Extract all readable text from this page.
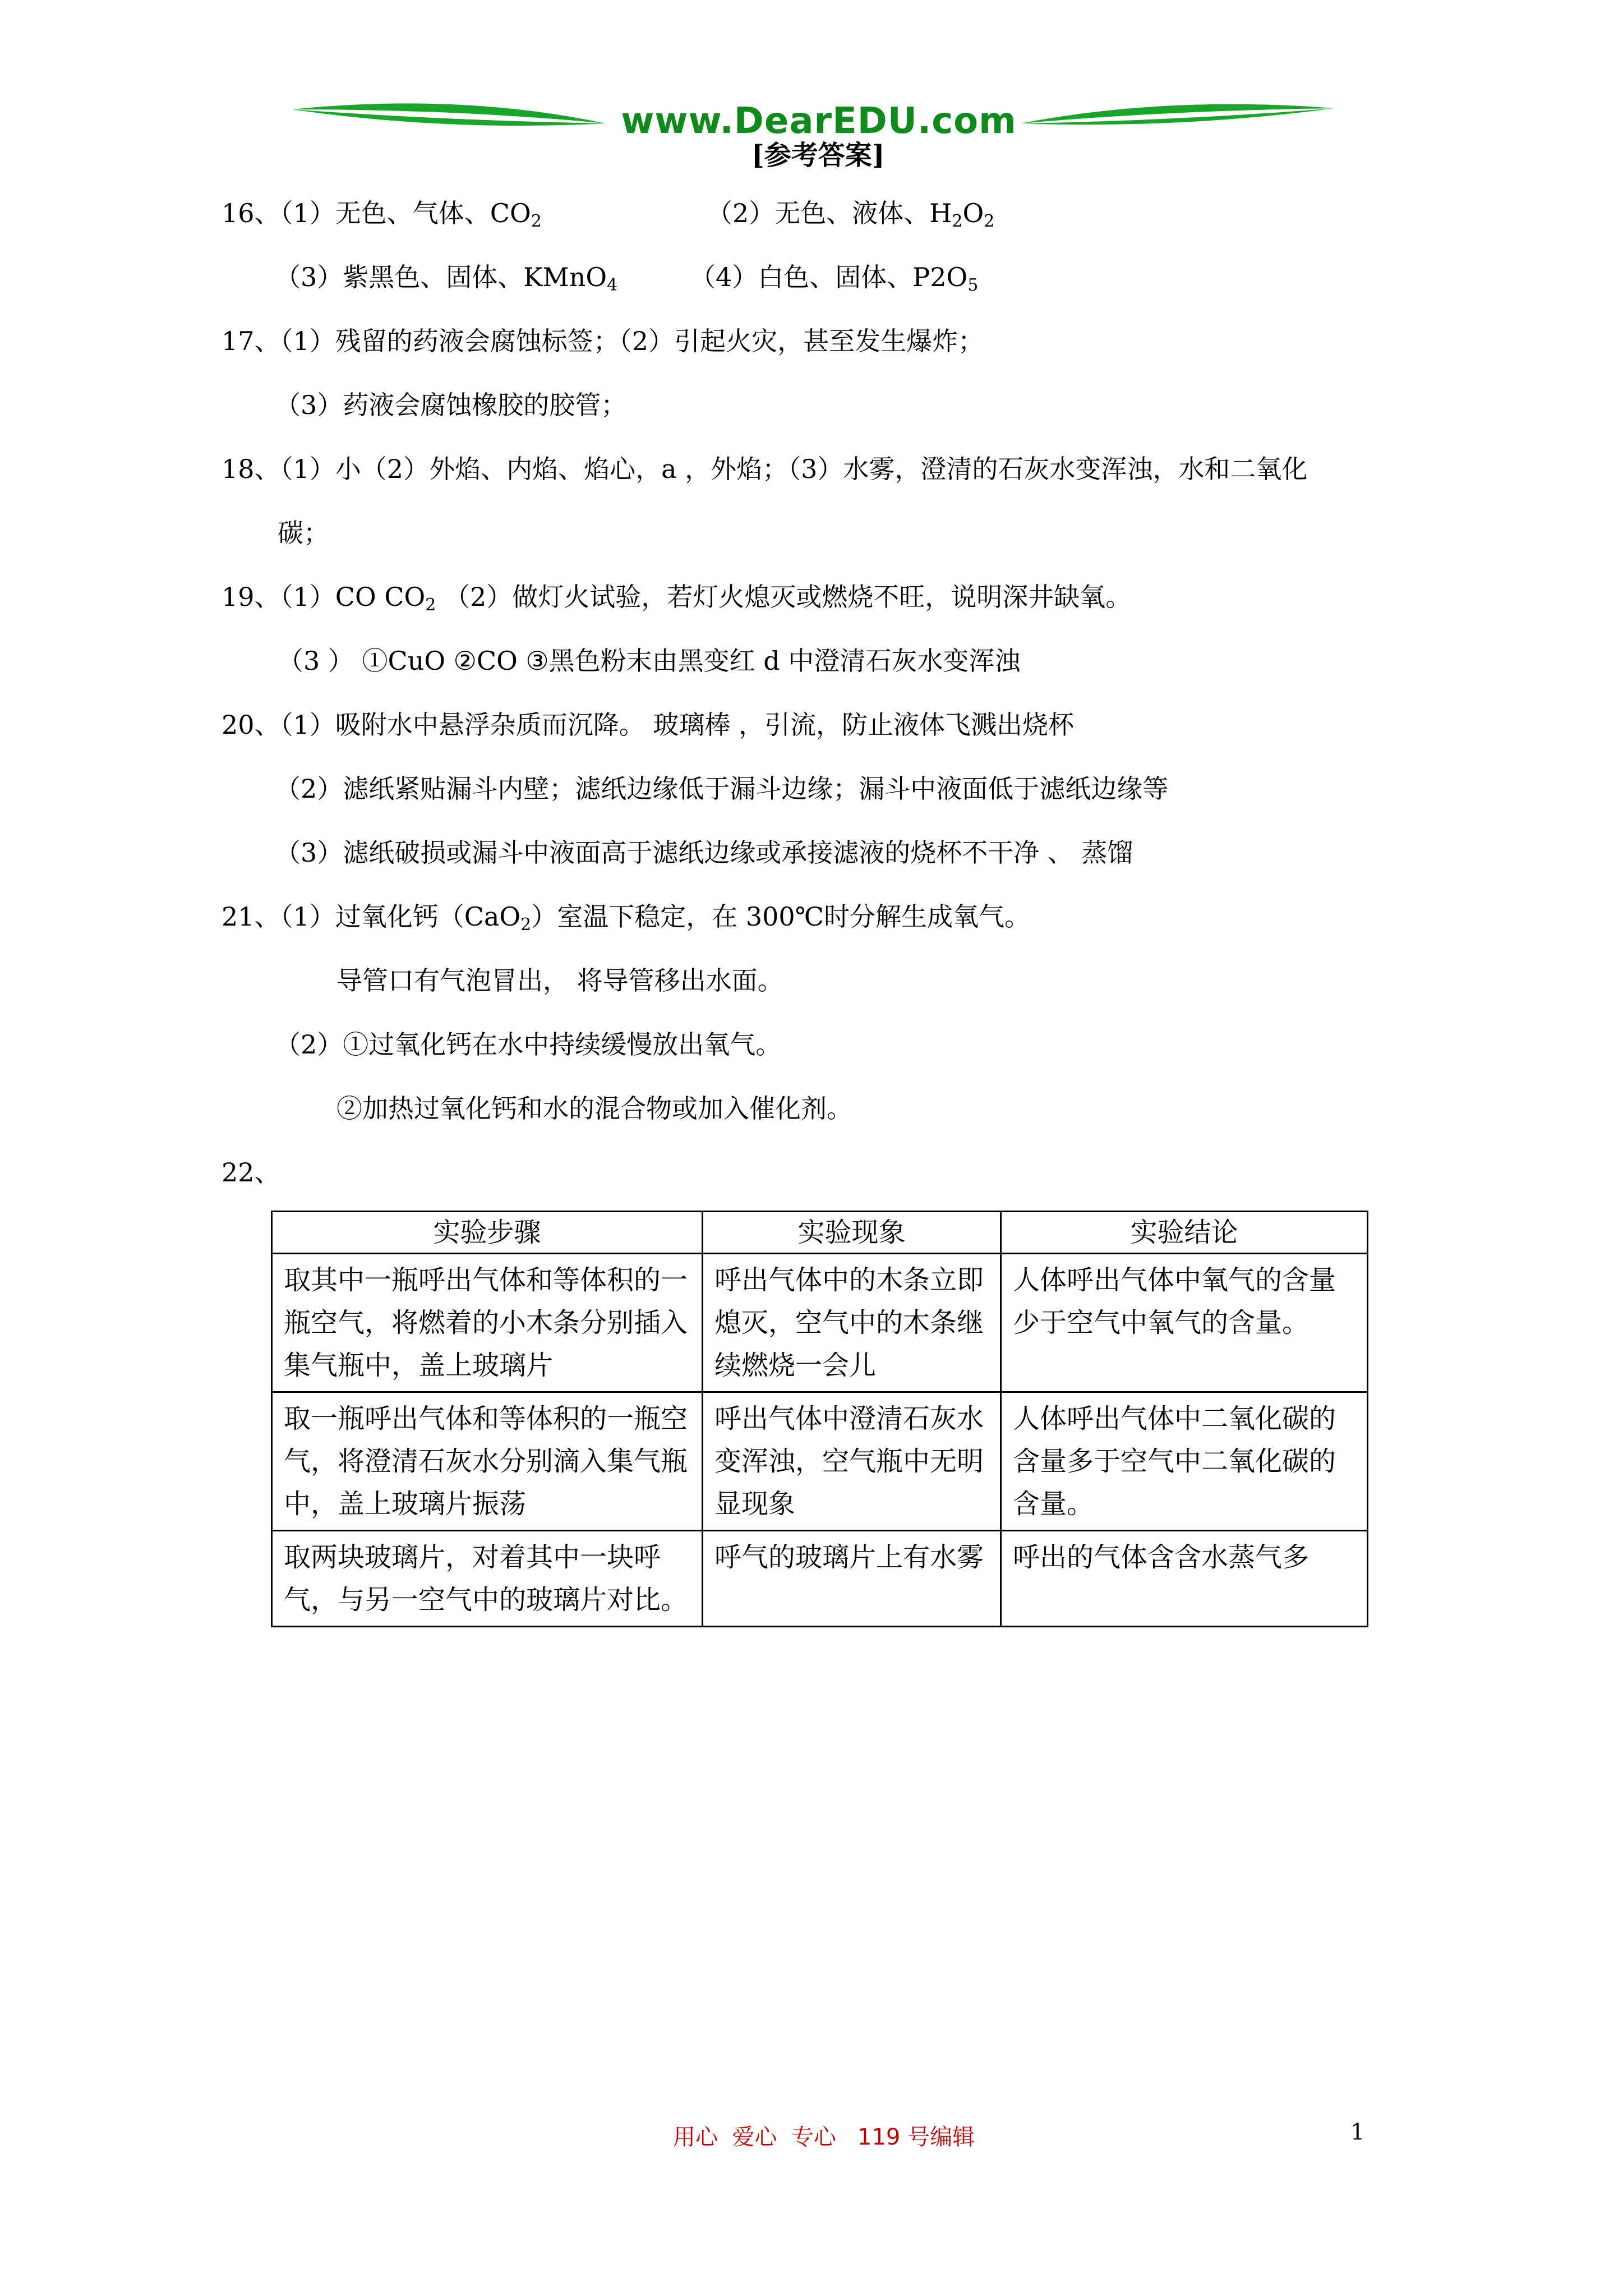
www.DearEDU.com
[参考答案]
16、（1）无色、气体、$CO_2$	（2）无色、液体、$H_2O_2$
（3）紫黑色、固体、KMnO$_4$	（4）白色、固体、$P2O_5$
17、（1）残留的药液会腐蚀标签；（2）引起火灾，甚至发生爆炸；
（3）药液会腐蚀橡胶的胶管；
18、（1）小（2）外焰、内焰、焰心，a ，外焰；（3）水雾，澄清的石灰水变浑浊，水和二氧化
碳；
19、（1）CO $CO_2$ （2）做灯火试验，若灯火熄灭或燃烧不旺，说明深井缺氧。
（3 ） ①CuO ②CO ③黑色粉末由黑变红 d 中澄清石灰水变浑浊
20、（1）吸附水中悬浮杂质而沉降。 玻璃棒 ，引流，防止液体飞溅出烧杯
（2）滤纸紧贴漏斗内壁；滤纸边缘低于漏斗边缘；漏斗中液面低于滤纸边缘等
（3）滤纸破损或漏斗中液面高于滤纸边缘或承接滤液的烧杯不干净 、 蒸馏
21、（1）过氧化钙（CaO$_2$）室温下稳定，在 300℃时分解生成氧气。
导管口有气泡冒出， 将导管移出水面。
（2）①过氧化钙在水中持续缓慢放出氧气。
②加热过氧化钙和水的混合物或加入催化剂。
22、
实验步骤	实验现象	实验结论
取其中一瓶呼出气体和等体积的一瓶空气，将燃着的小木条分别插入集气瓶中，盖上玻璃片	呼出气体中的木条立即熄灭，空气中的木条继续燃烧一会儿	人体呼出气体中氧气的含量少于空气中氧气的含量。
取一瓶呼出气体和等体积的一瓶空气，将澄清石灰水分别滴入集气瓶中，盖上玻璃片振荡	呼出气体中澄清石灰水变浑浊，空气瓶中无明显现象	人体呼出气体中二氧化碳的含量多于空气中二氧化碳的含量。
取两块玻璃片，对着其中一块呼气，与另一空气中的玻璃片对比。	呼气的玻璃片上有水雾	呼出的气体含含水蒸气多
用心  爱心  专心   119 号编辑	1
